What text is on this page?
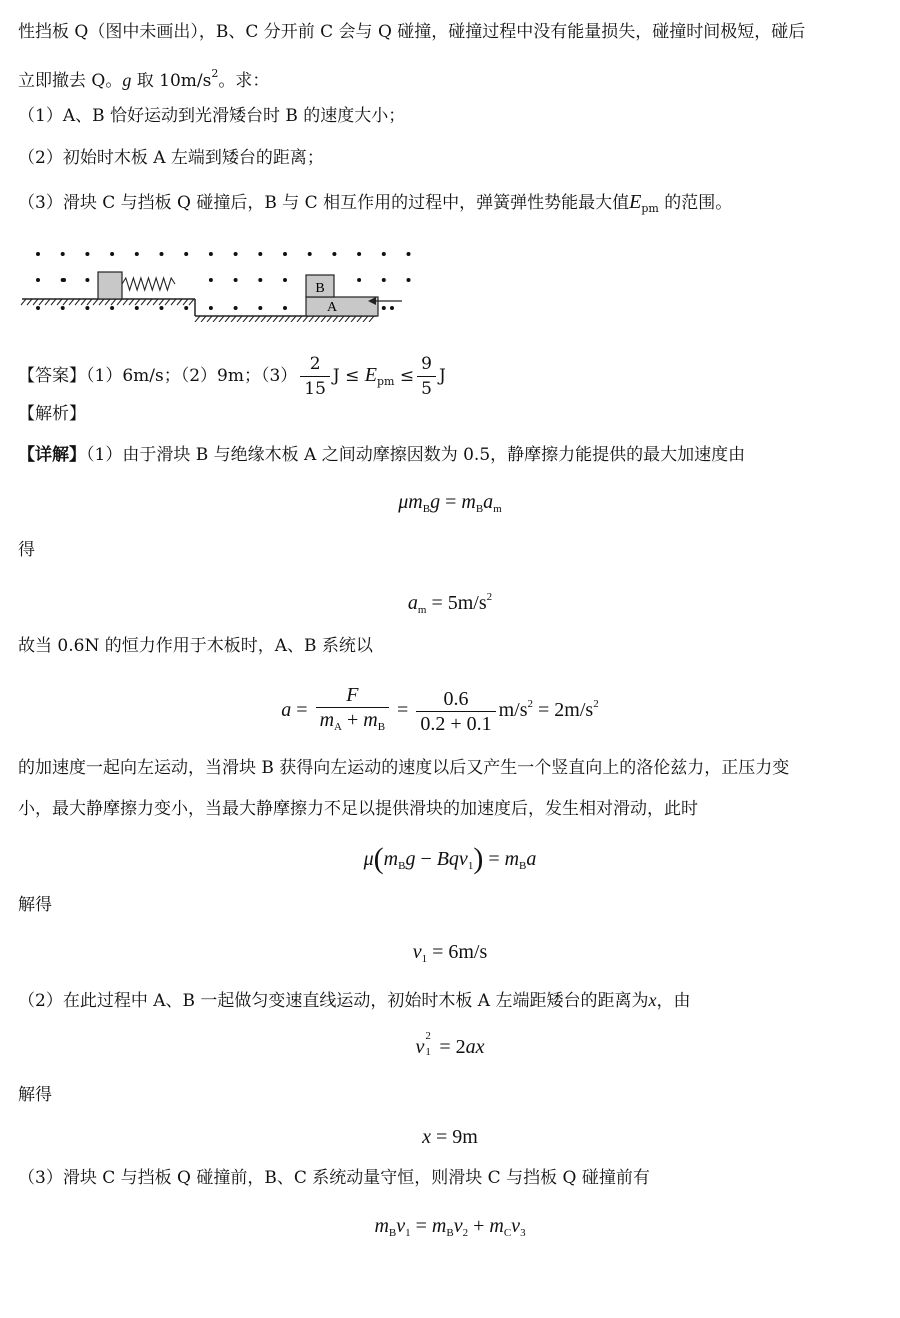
性挡板 Q（图中未画出），B、C 分开前 C 会与 Q 碰撞，碰撞过程中没有能量损失，碰撞时间极短，碰后
立即撤去 Q。g 取 $10m/s^2$。求：
（1）A、B 恰好运动到光滑矮台时 B 的速度大小；
（2）初始时木板 A 左端到矮台的距离；
（3）滑块 C 与挡板 Q 碰撞后，B 与 C 相互作用的过程中，弹簧弹性势能最大值$E_{pm}$ 的范围。
B
A
【答案】（1）6m/s；（2）9m；$(3) \frac{2}{15}$ $J \le E_{pm} \le \frac{9}{5}$ J
【解析】
【详解】（1）由于滑块 B 与绝缘木板 A 之间动摩擦因数为 0.5，静摩擦力能提供的最大加速度由
$\mu m_Bg = m_Ba_m$
得
$a_m = 5m/s^2$
故当 0.6N 的恒力作用于木板时，A、B 系统以
$a = \frac{F}{m_A + m_B} = \frac{0.6}{0.2 + 0.1} m/s^2 = 2m/s^2$
的加速度一起向左运动，当滑块 B 获得向左运动的速度以后又产生一个竖直向上的洛伦兹力，正压力变
小，最大静摩擦力变小，当最大静摩擦力不足以提供滑块的加速度后，发生相对滑动，此时
$\mu(m_Bg - Bqv_1) = m_Ba$
解得
$v_1 = 6m/s$
（2）在此过程中 A、B 一起做匀变速直线运动，初始时木板 A 左端距矮台的距离为x，由
v 2
1 = 2ax
解得
x = 9m
（3）滑块 C 与挡板 Q 碰撞前，B、C 系统动量守恒，则滑块 C 与挡板 Q 碰撞前有
$m_Bv_1 = m_Bv_2 + m_Cv_3$
